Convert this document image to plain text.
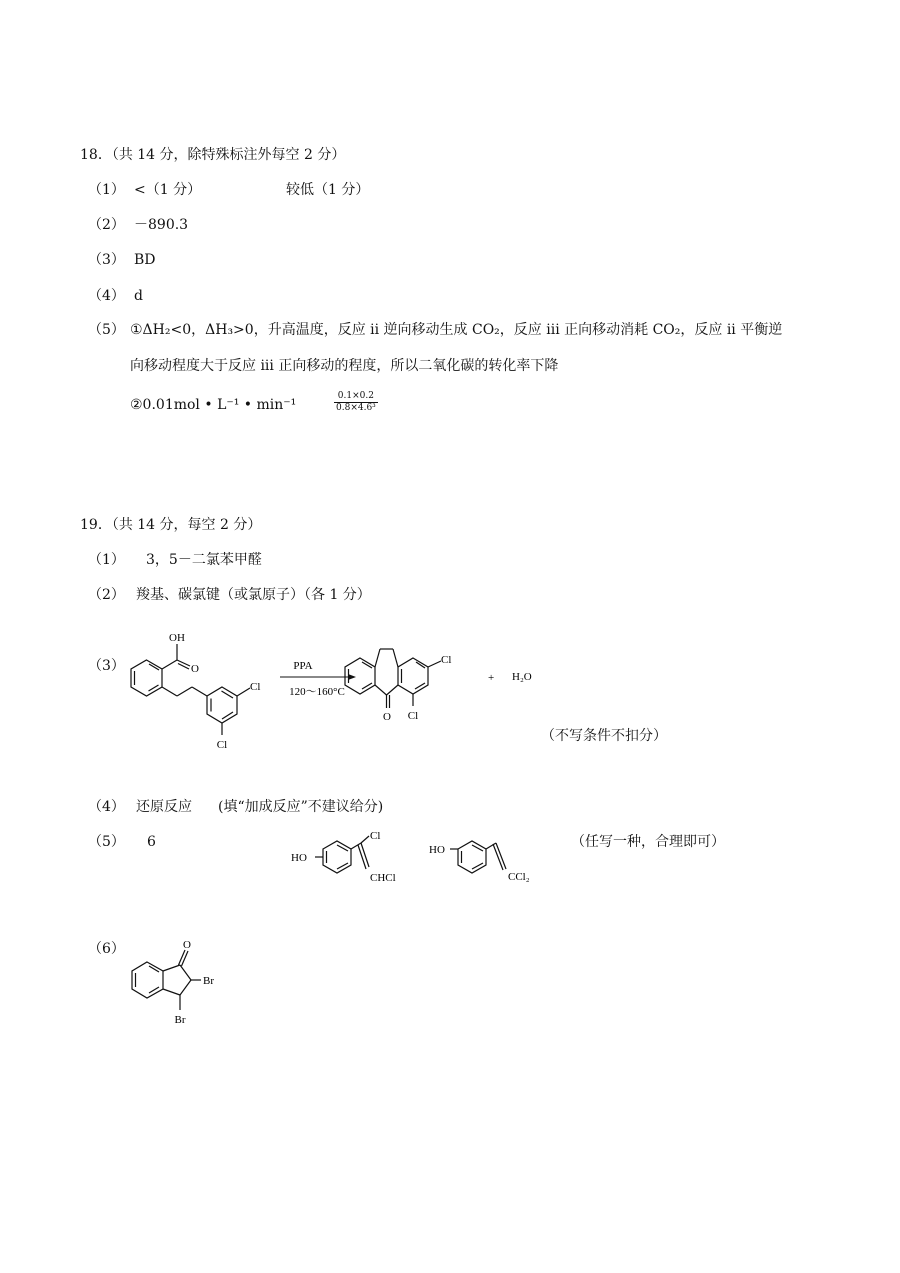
18．（共 14 分，除特殊标注外每空 2 分）
（1） <（1 分）	较低（1 分）
（2） －890.3
（3） BD
（4） d
（5） ①ΔH₂<0，ΔH₃>0，升高温度，反应 ii 逆向移动生成 CO₂，反应 iii 正向移动消耗 CO₂，反应 ii 平衡逆
向移动程度大于反应 iii 正向移动的程度，所以二氧化碳的转化率下降
②0.01mol • L⁻¹ • min⁻¹	$\frac{0.1\times 0.2}{\text{0.8×4.6³}}$
19．（共 14 分，每空 2 分）
（1） 3，5－二氯苯甲醛
（2） 羧基、碳氯键（或氯原子）（各 1 分）
（3）
OH
O
Cl
Cl
PPA
120～160°C
O
Cl
Cl
+ H₂O
（不写条件不扣分）
（4） 还原反应 (填“加成反应”不建议给分)
（5） 6
HO
Cl
CHCl
HO
CCl₂
（任写一种，合理即可）
（6）	O
Br
Br
